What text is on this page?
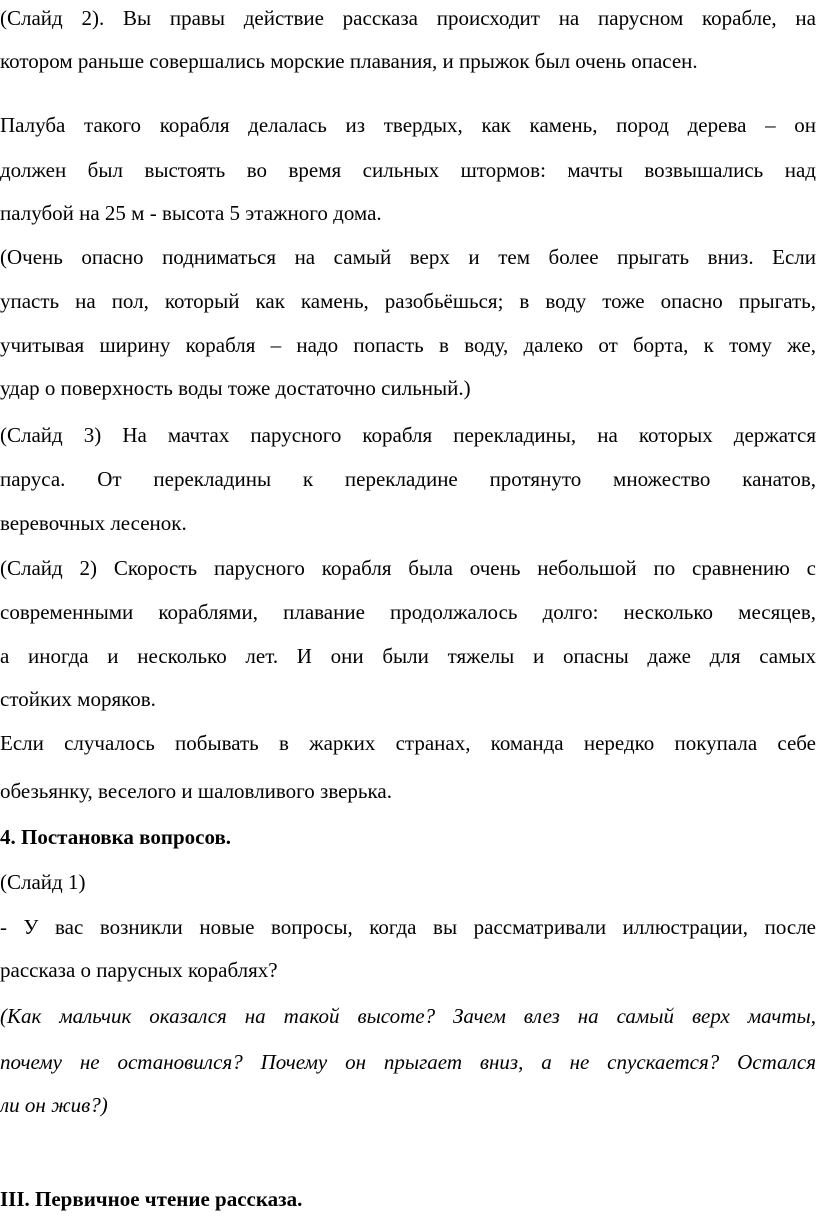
(Слайд 2). Вы правы действие рассказа происходит на парусном корабле, на
котором раньше совершались морские плавания, и прыжок был очень опасен.
Палуба такого корабля делалась из твердых, как камень, пород дерева – он
должен был выстоять во время сильных штормов: мачты возвышались над
палубой на 25 м - высота 5 этажного дома.
(Очень опасно подниматься на самый верх и тем более прыгать вниз. Если
упасть на пол, который как камень, разобьёшься; в воду тоже опасно прыгать,
учитывая ширину корабля – надо попасть в воду, далеко от борта, к тому же,
удар о поверхность воды тоже достаточно сильный.)
(Слайд 3) На мачтах парусного корабля перекладины, на которых держатся
паруса. От перекладины к перекладине протянуто множество канатов,
веревочных лесенок.
(Слайд 2) Скорость парусного корабля была очень небольшой по сравнению с
современными кораблями, плавание продолжалось долго: несколько месяцев,
а иногда и несколько лет. И они были тяжелы и опасны даже для самых
стойких моряков.
Если случалось побывать в жарких странах, команда нередко покупала себе
обезьянку, веселого и шаловливого зверька.
4. Постановка вопросов.
(Слайд 1)
- У вас возникли новые вопросы, когда вы рассматривали иллюстрации, после
рассказа о парусных кораблях?
(Как мальчик оказался на такой высоте? Зачем влез на самый верх мачты,
почему не остановился? Почему он прыгает вниз, а не спускается? Остался
ли он жив?)
III. Первичное чтение рассказа.
